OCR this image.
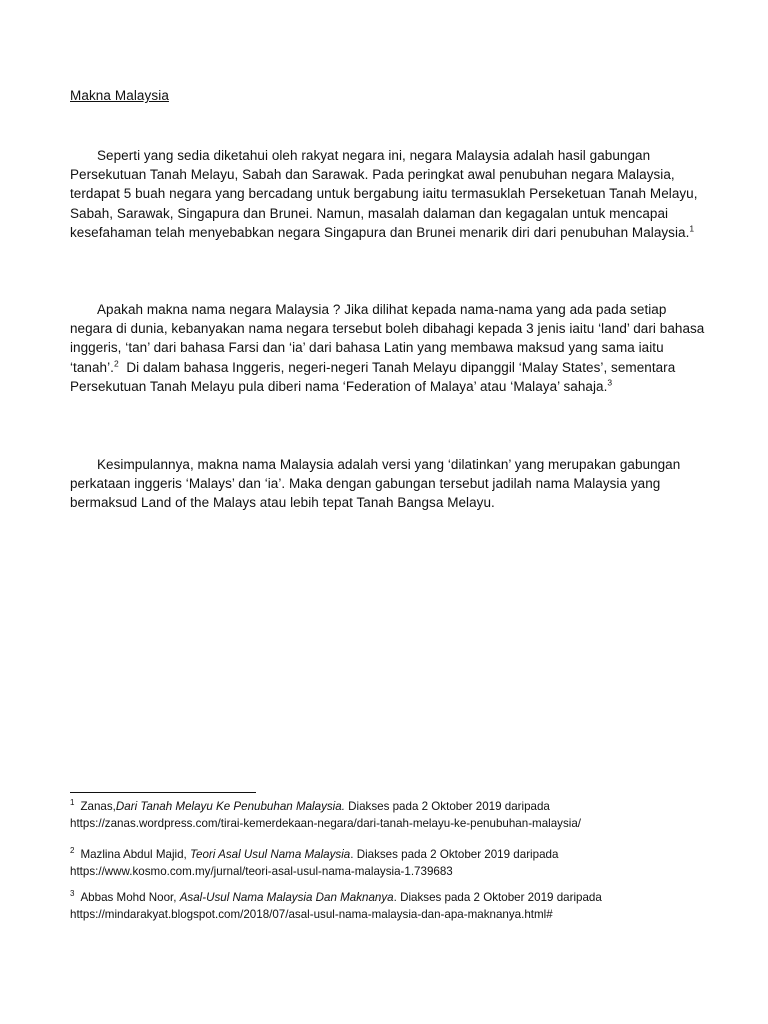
Makna Malaysia

Seperti yang sedia diketahui oleh rakyat negara ini, negara Malaysia adalah hasil gabungan Persekutuan Tanah Melayu, Sabah dan Sarawak. Pada peringkat awal penubuhan negara Malaysia, terdapat 5 buah negara yang bercadang untuk bergabung iaitu termasuklah Perseketuan Tanah Melayu, Sabah, Sarawak, Singapura dan Brunei. Namun, masalah dalaman dan kegagalan untuk mencapai kesefahaman telah menyebabkan negara Singapura dan Brunei menarik diri dari penubuhan Malaysia.$^1$

Apakah makna nama negara Malaysia ? Jika dilihat kepada nama-nama yang ada pada setiap negara di dunia, kebanyakan nama negara tersebut boleh dibahagi kepada 3 jenis iaitu ‘land’ dari bahasa inggeris, ‘tan’ dari bahasa Farsi dan ‘ia’ dari bahasa Latin yang membawa maksud yang sama iaitu ‘tanah’.$^2$  Di dalam bahasa Inggeris, negeri-negeri Tanah Melayu dipanggil ‘Malay States’, sementara Persekutuan Tanah Melayu pula diberi nama ‘Federation of Malaya’ atau ‘Malaya’ sahaja.$^3$

Kesimpulannya, makna nama Malaysia adalah versi yang ‘dilatinkan’ yang merupakan gabungan perkataan inggeris ‘Malays’ dan ‘ia’. Maka dengan gabungan tersebut jadilah nama Malaysia yang bermaksud Land of the Malays atau lebih tepat Tanah Bangsa Melayu.

$^1$ Zanas,Dari Tanah Melayu Ke Penubuhan Malaysia. Diakses pada 2 Oktober 2019 daripada
https://zanas.wordpress.com/tirai-kemerdekaan-negara/dari-tanah-melayu-ke-penubuhan-malaysia/

$^2$ Mazlina Abdul Majid, Teori Asal Usul Nama Malaysia. Diakses pada 2 Oktober 2019 daripada
https://www.kosmo.com.my/jurnal/teori-asal-usul-nama-malaysia-1.739683

$^3$ Abbas Mohd Noor, Asal-Usul Nama Malaysia Dan Maknanya. Diakses pada 2 Oktober 2019 daripada
https://mindarakyat.blogspot.com/2018/07/asal-usul-nama-malaysia-dan-apa-maknanya.html#
